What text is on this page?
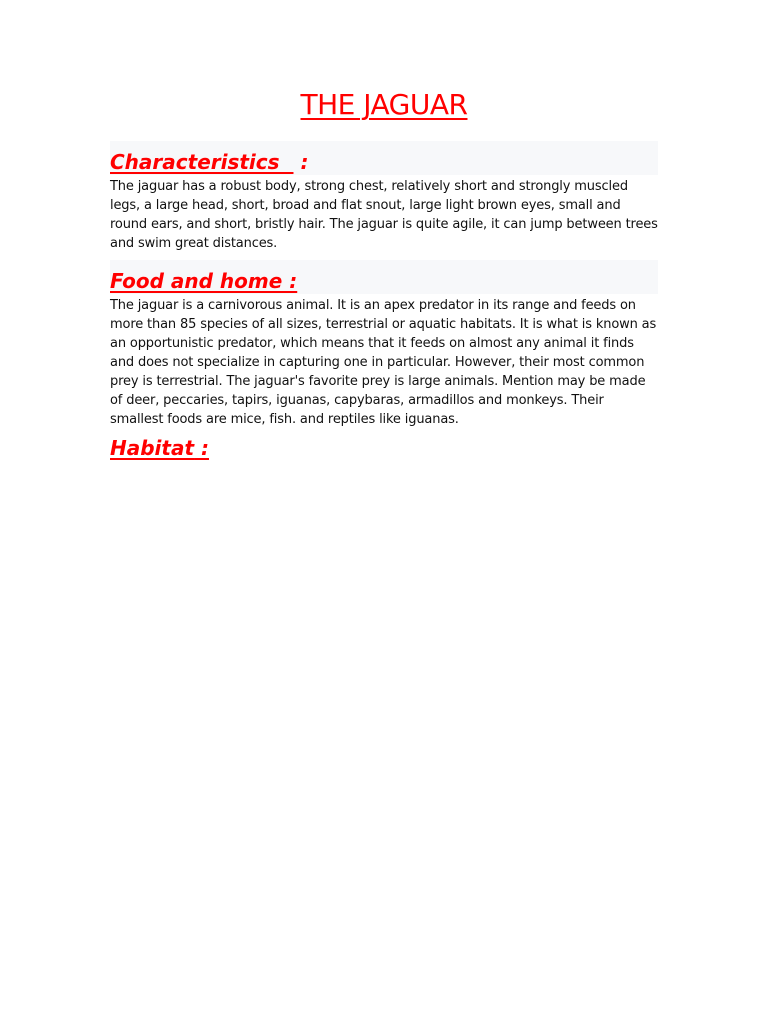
THE JAGUAR
Characteristics   :

The jaguar has a robust body, strong chest, relatively short and strongly muscled legs, a large head, short, broad and flat snout, large light brown eyes, small and round ears, and short, bristly hair. The jaguar is quite agile, it can jump between trees and swim great distances.

Food and home :

The jaguar is a carnivorous animal. It is an apex predator in its range and feeds on more than 85 species of all sizes, terrestrial or aquatic habitats. It is what is known as an opportunistic predator, which means that it feeds on almost any animal it finds and does not specialize in capturing one in particular. However, their most common prey is terrestrial. The jaguar's favorite prey is large animals. Mention may be made of deer, peccaries, tapirs, iguanas, capybaras, armadillos and monkeys. Their smallest foods are mice, fish. and reptiles like iguanas.

Habitat :
